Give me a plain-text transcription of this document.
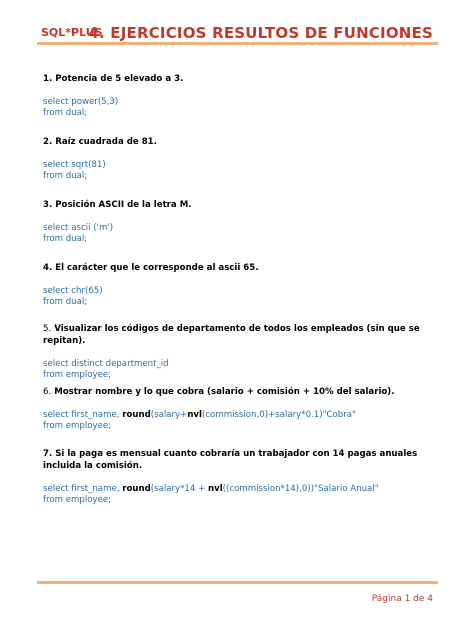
SQL*PLUS
4. EJERCICIOS RESULTOS DE FUNCIONES

1. Potencia de 5 elevado a 3.

select power(5,3)
from dual;

2. Raíz cuadrada de 81.

select sqrt(81)
from dual;

3. Posición ASCII de la letra M.

select ascii ('m')
from dual;

4. El carácter que le corresponde al ascii 65.

select chr(65)
from dual;

5. Visualizar los códigos de departamento de todos los empleados (sin que se repitan).

select distinct department_id
from employee;

6. Mostrar nombre y lo que cobra (salario + comisión + 10% del salario).

select first_name, round(salary+nvl(commission,0)+salary*0.1)"Cobra"
from employee;

7. Si la paga es mensual cuanto cobraría un trabajador con 14 pagas anuales incluida la comisión.

select first_name, round(salary*14 + nvl((commission*14),0))"Salario Anual"
from employee;
Página 1 de 4
